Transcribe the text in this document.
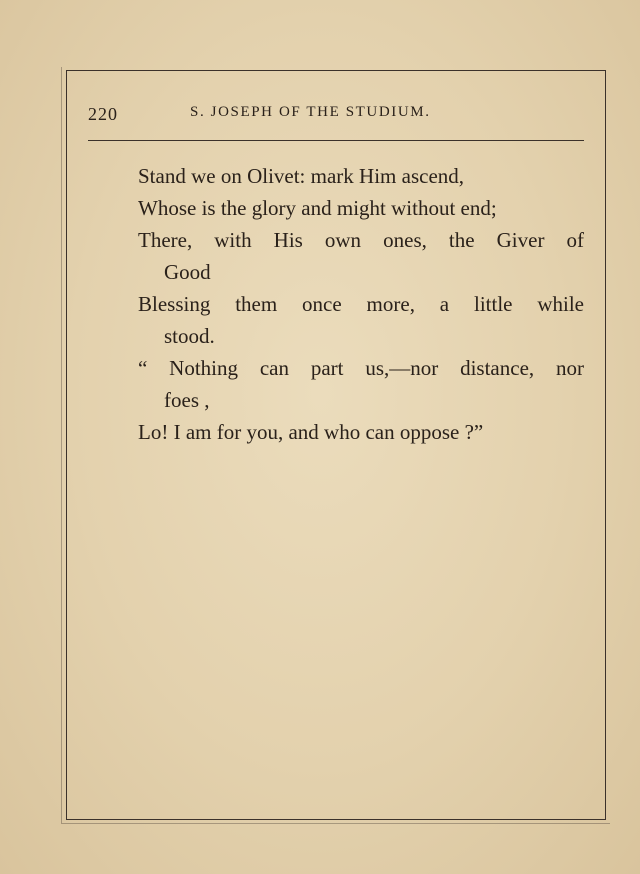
220	S. JOSEPH OF THE STUDIUM.
Stand we on Olivet: mark Him ascend,
Whose is the glory and might without end;
There, with His own ones, the Giver of
Good
Blessing them once more, a little while
stood.
“ Nothing can part us,—nor distance, nor
foes ,
Lo! I am for you, and who can oppose ?”
